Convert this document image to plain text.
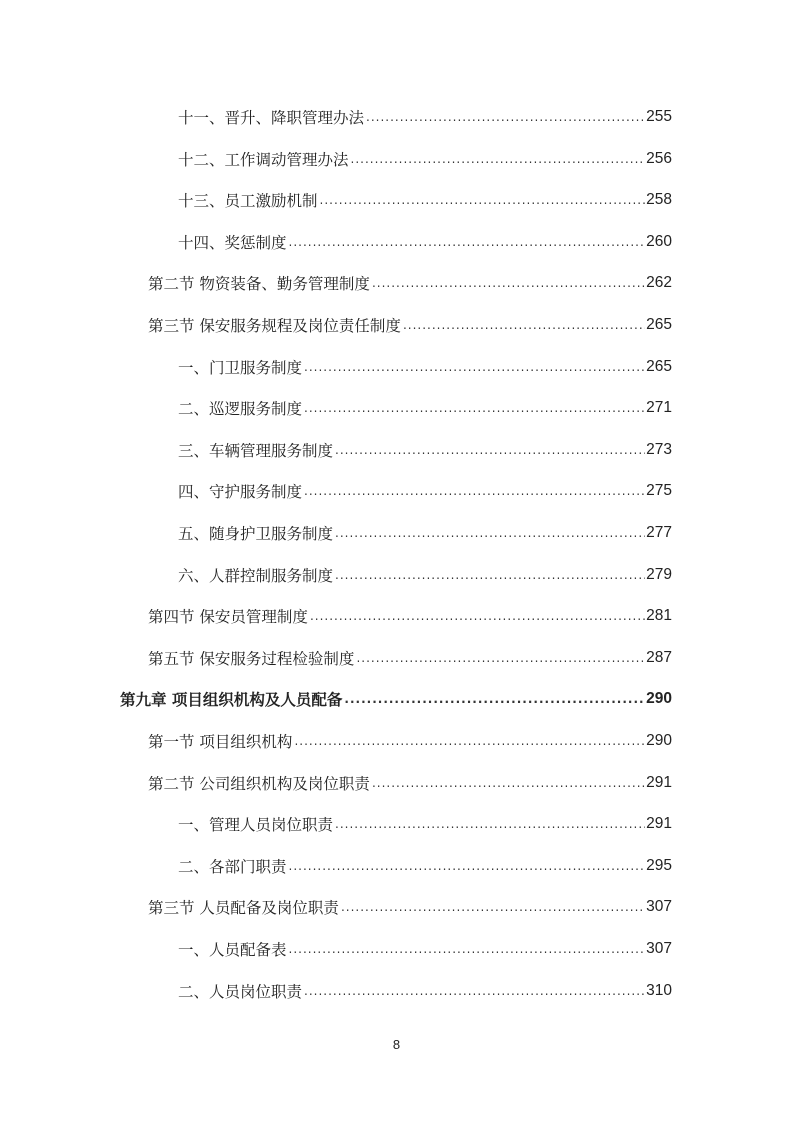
十一、晋升、降职管理办法 .....	255
十二、工作调动管理办法 .....	256
十三、员工激励机制 .....	258
十四、奖惩制度 .....	260
第二节 物资装备、勤务管理制度 .....	262
第三节 保安服务规程及岗位责任制度 .....	265
一、门卫服务制度 .....	265
二、巡逻服务制度 .....	271
三、车辆管理服务制度 .....	273
四、守护服务制度 .....	275
五、随身护卫服务制度 .....	277
六、人群控制服务制度 .....	279
第四节 保安员管理制度 .....	281
第五节 保安服务过程检验制度 .....	287
第九章 项目组织机构及人员配备 .....	290
第一节 项目组织机构 .....	290
第二节 公司组织机构及岗位职责 .....	291
一、管理人员岗位职责 .....	291
二、各部门职责 .....	295
第三节 人员配备及岗位职责 .....	307
一、人员配备表 .....	307
二、人员岗位职责 .....	310
8
